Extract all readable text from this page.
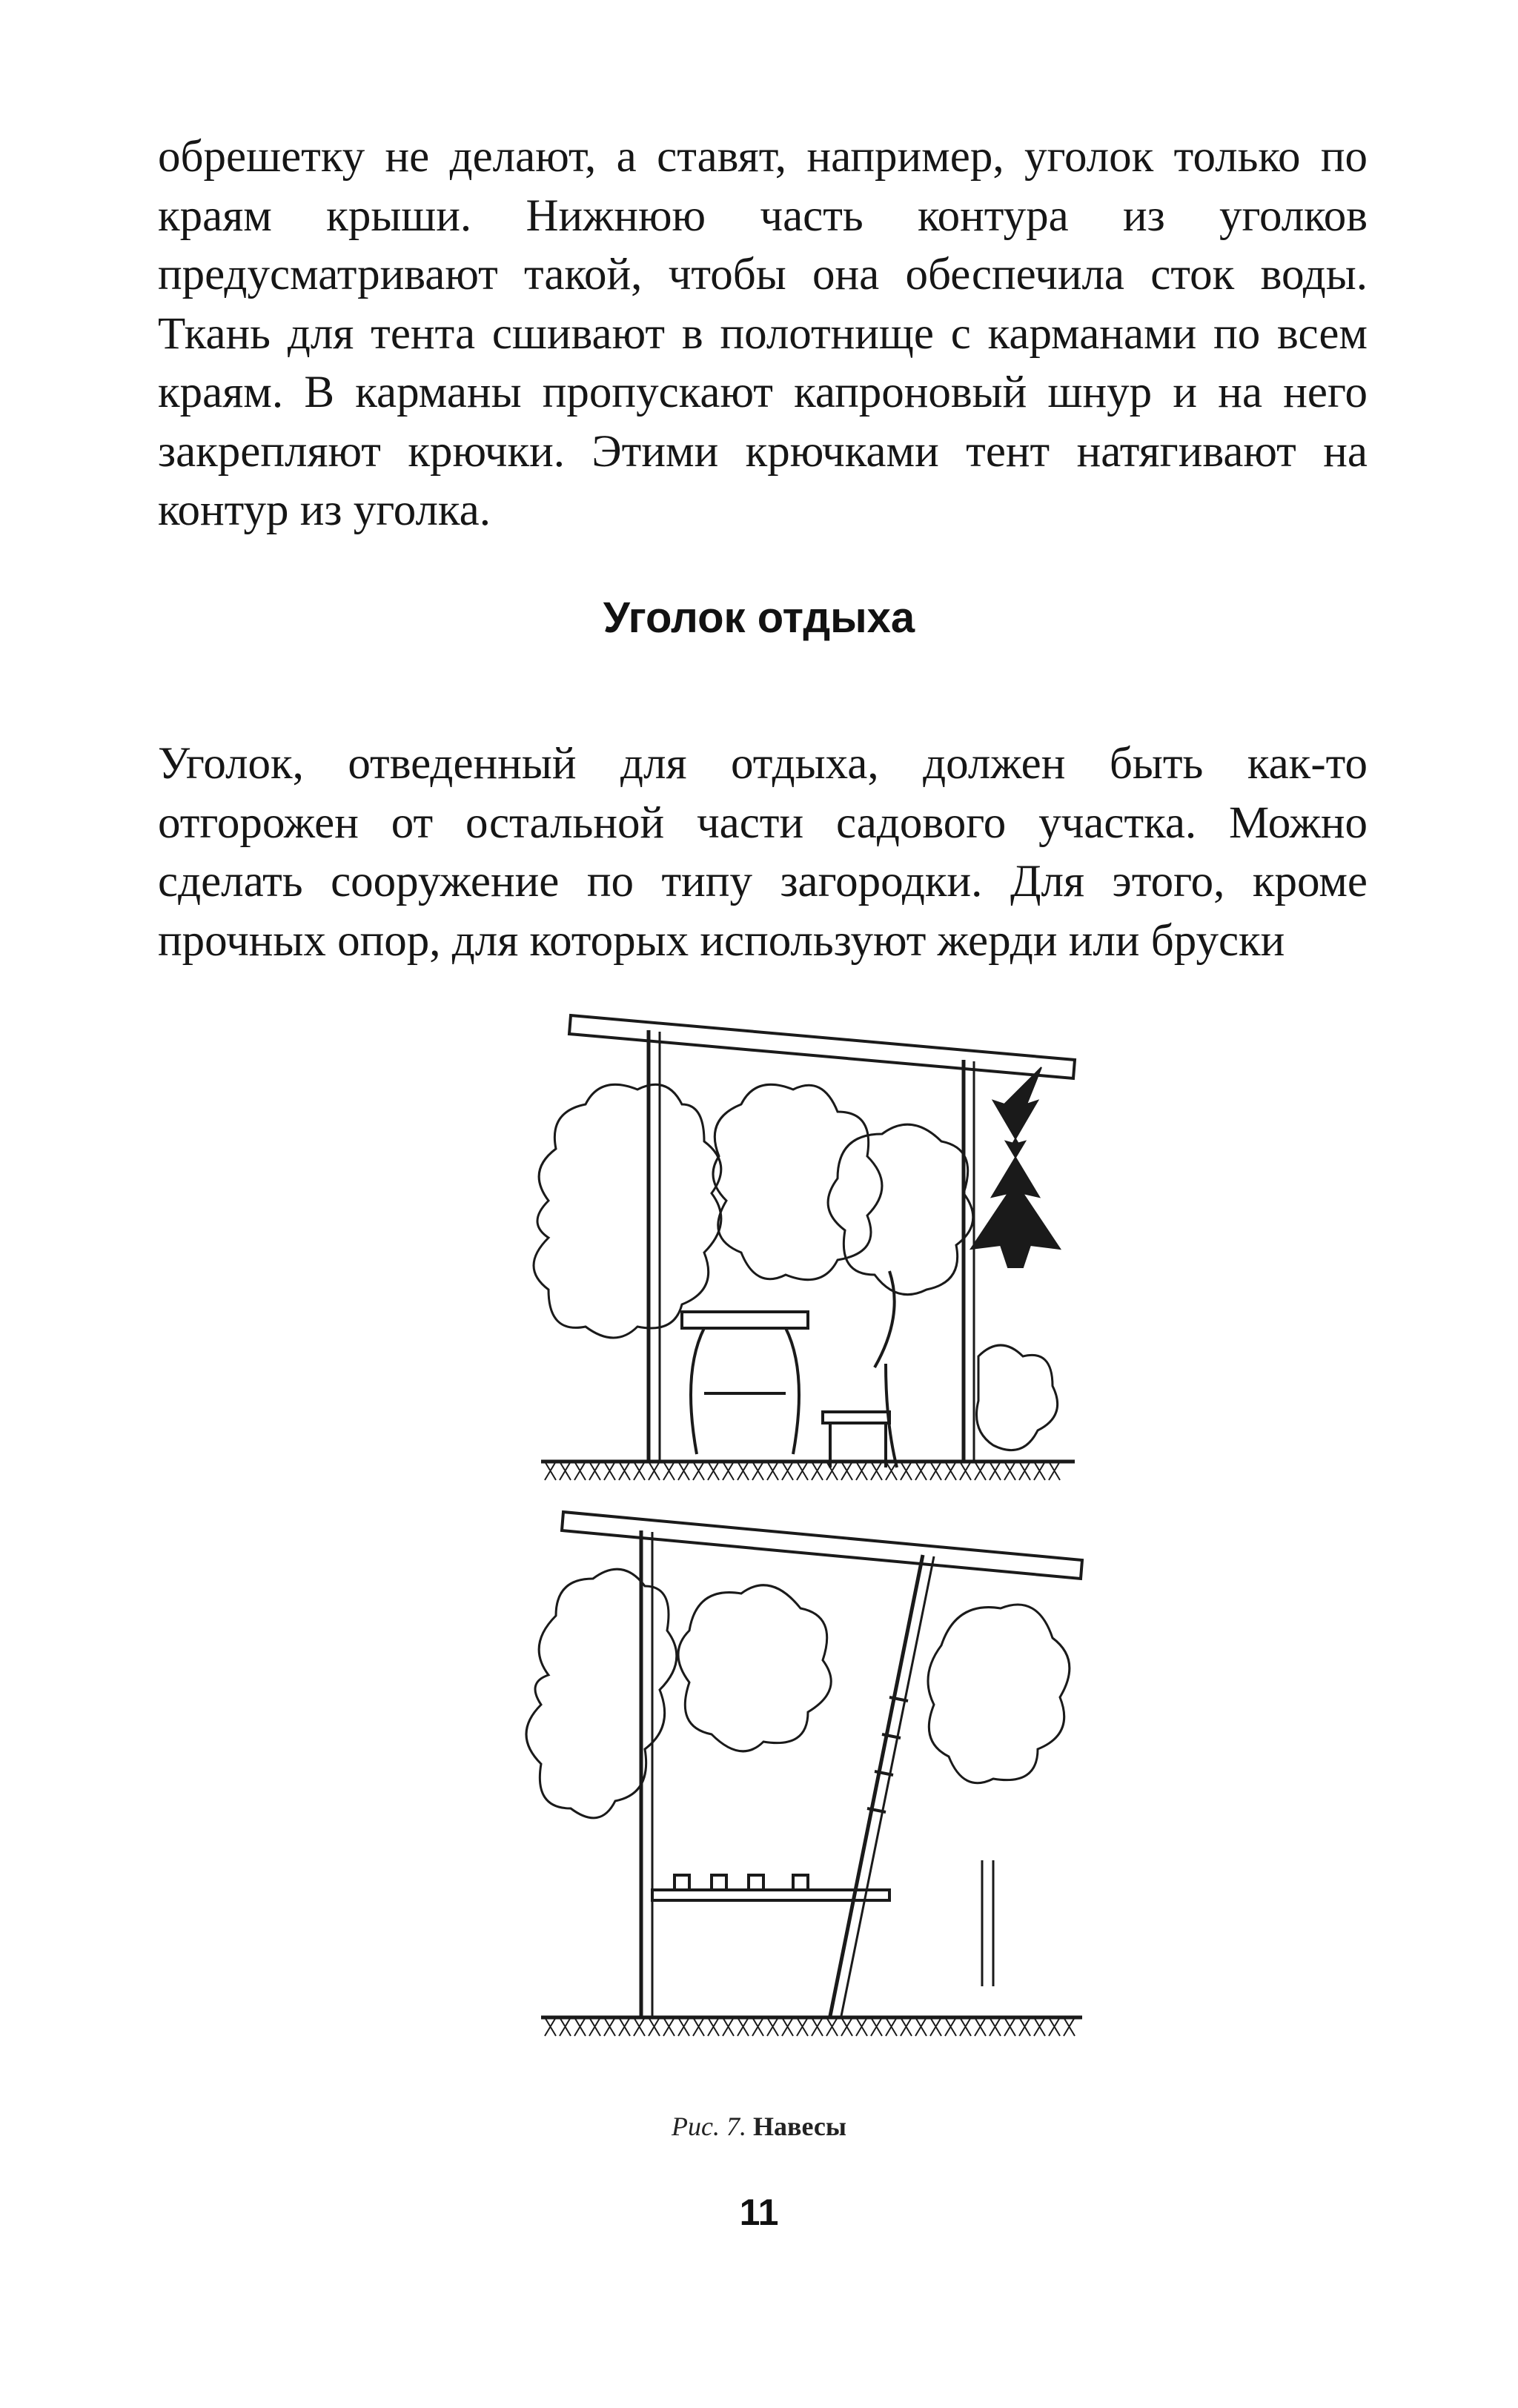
обрешетку не делают, а ставят, например, уголок только по краям крыши. Нижнюю часть контура из уголков предусматривают такой, чтобы она обеспечила сток воды. Ткань для тента сшивают в полотнище с карманами по всем краям. В карманы пропускают капроновый шнур и на него закрепляют крючки. Этими крючками тент натягивают на контур из уголка.

Уголок отдыха

Уголок, отведенный для отдыха, должен быть как-то отгорожен от остальной части садового участка. Можно сделать сооружение по типу загородки. Для этого, кроме прочных опор, для которых используют жерди или бруски

Рис. 7. Навесы
11
